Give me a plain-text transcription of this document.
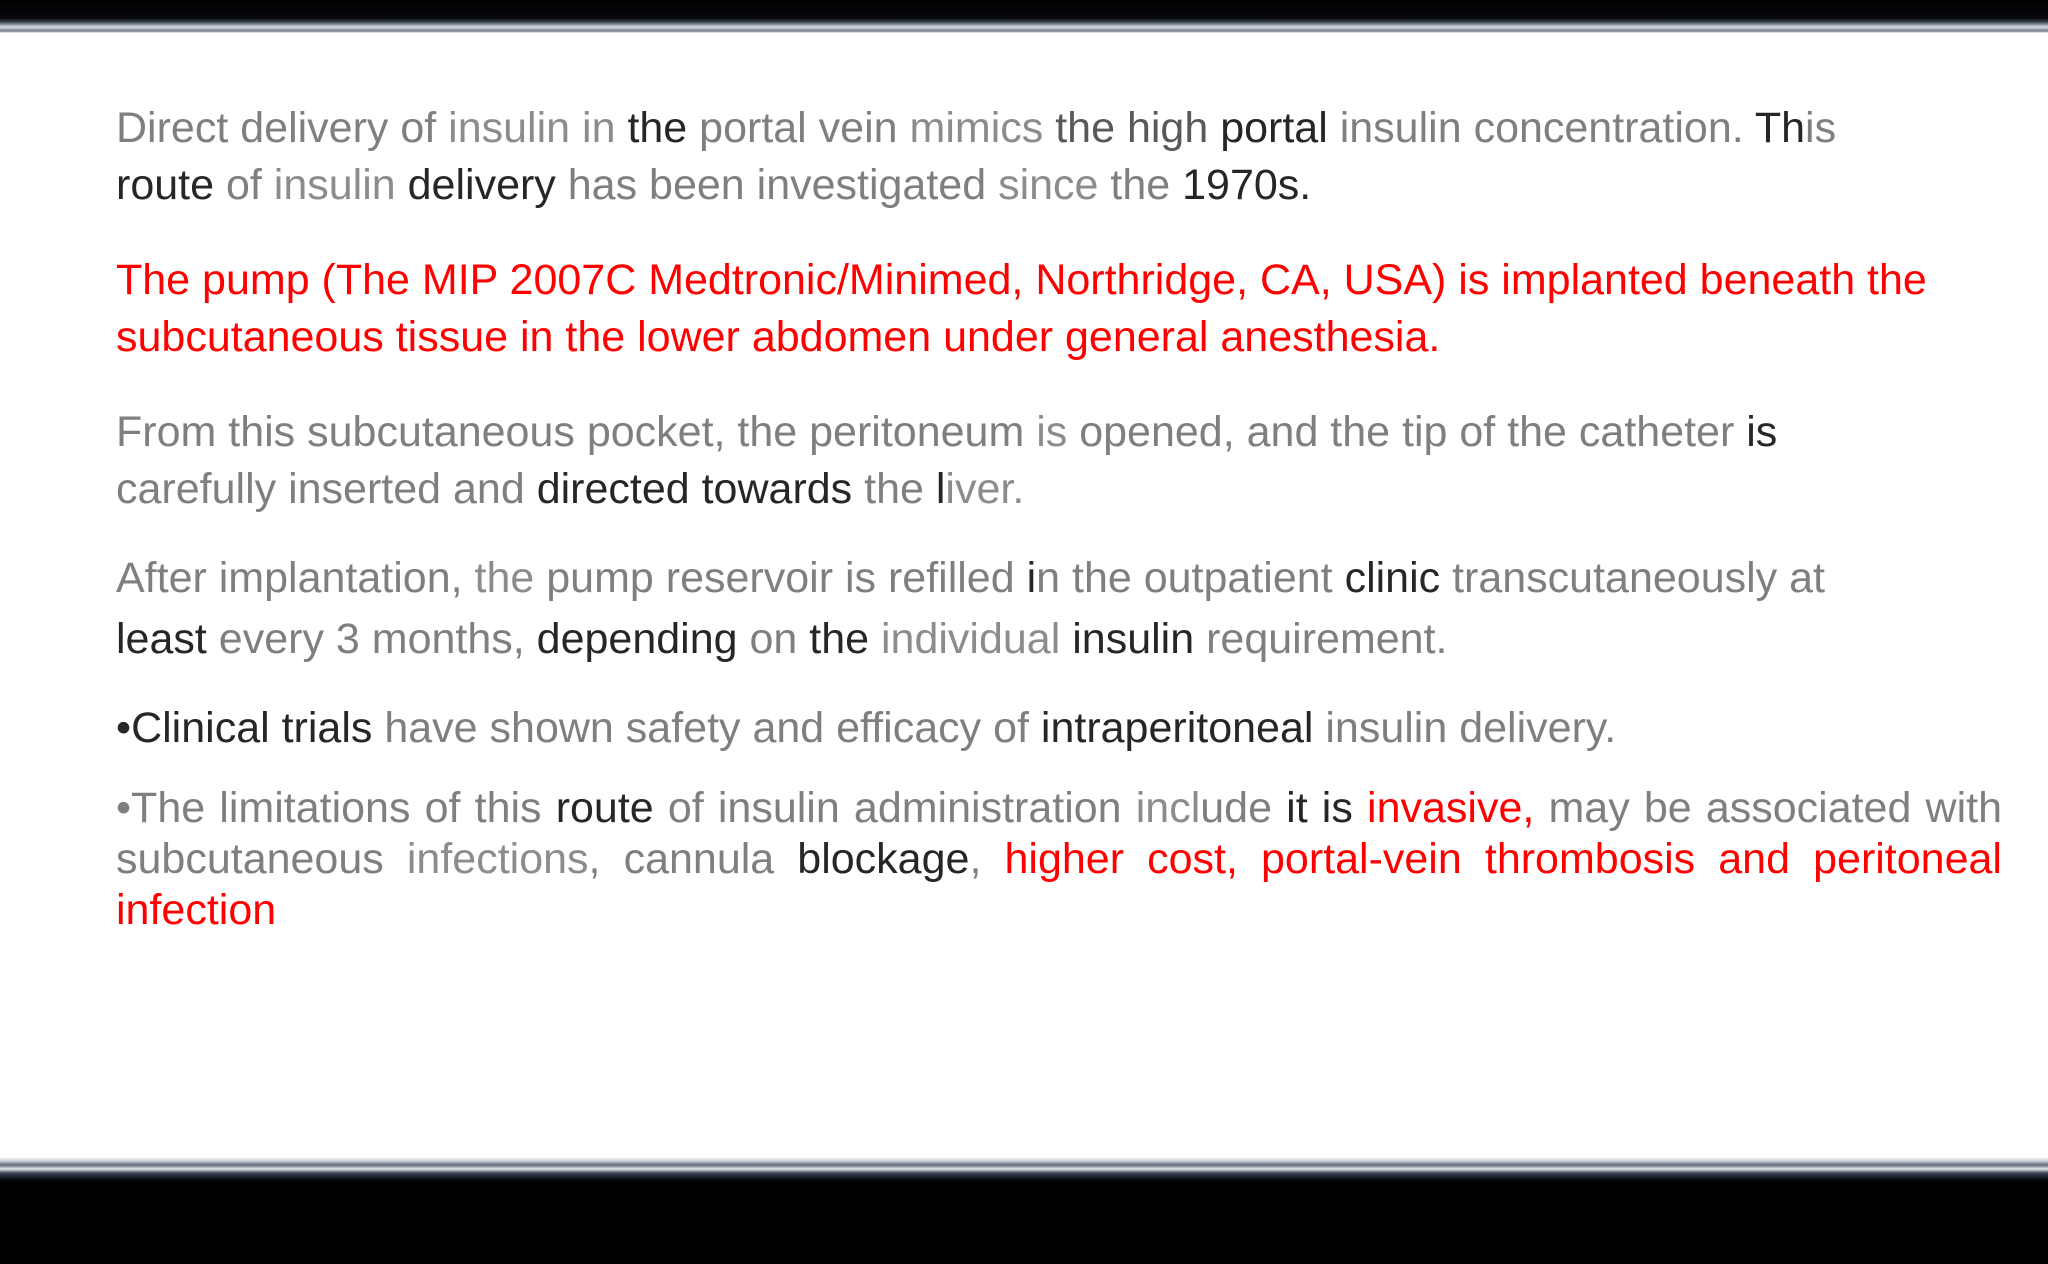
Direct delivery of insulin in the portal vein mimics the high portal insulin concentration. This
route of insulin delivery has been investigated since the 1970s.

The pump (The MIP 2007C Medtronic/Minimed, Northridge, CA, USA) is implanted beneath the subcutaneous tissue in the lower abdomen under general anesthesia.

From this subcutaneous pocket, the peritoneum is opened, and the tip of the catheter is
carefully inserted and directed towards the liver.

After implantation, the pump reservoir is refilled in the outpatient clinic transcutaneously at
least every 3 months, depending on the individual insulin requirement.

•Clinical trials have shown safety and efficacy of intraperitoneal insulin delivery.

•The limitations of this route of insulin administration include it is invasive, may be associated with subcutaneous infections, cannula blockage, higher cost, portal-vein thrombosis and peritoneal infection
